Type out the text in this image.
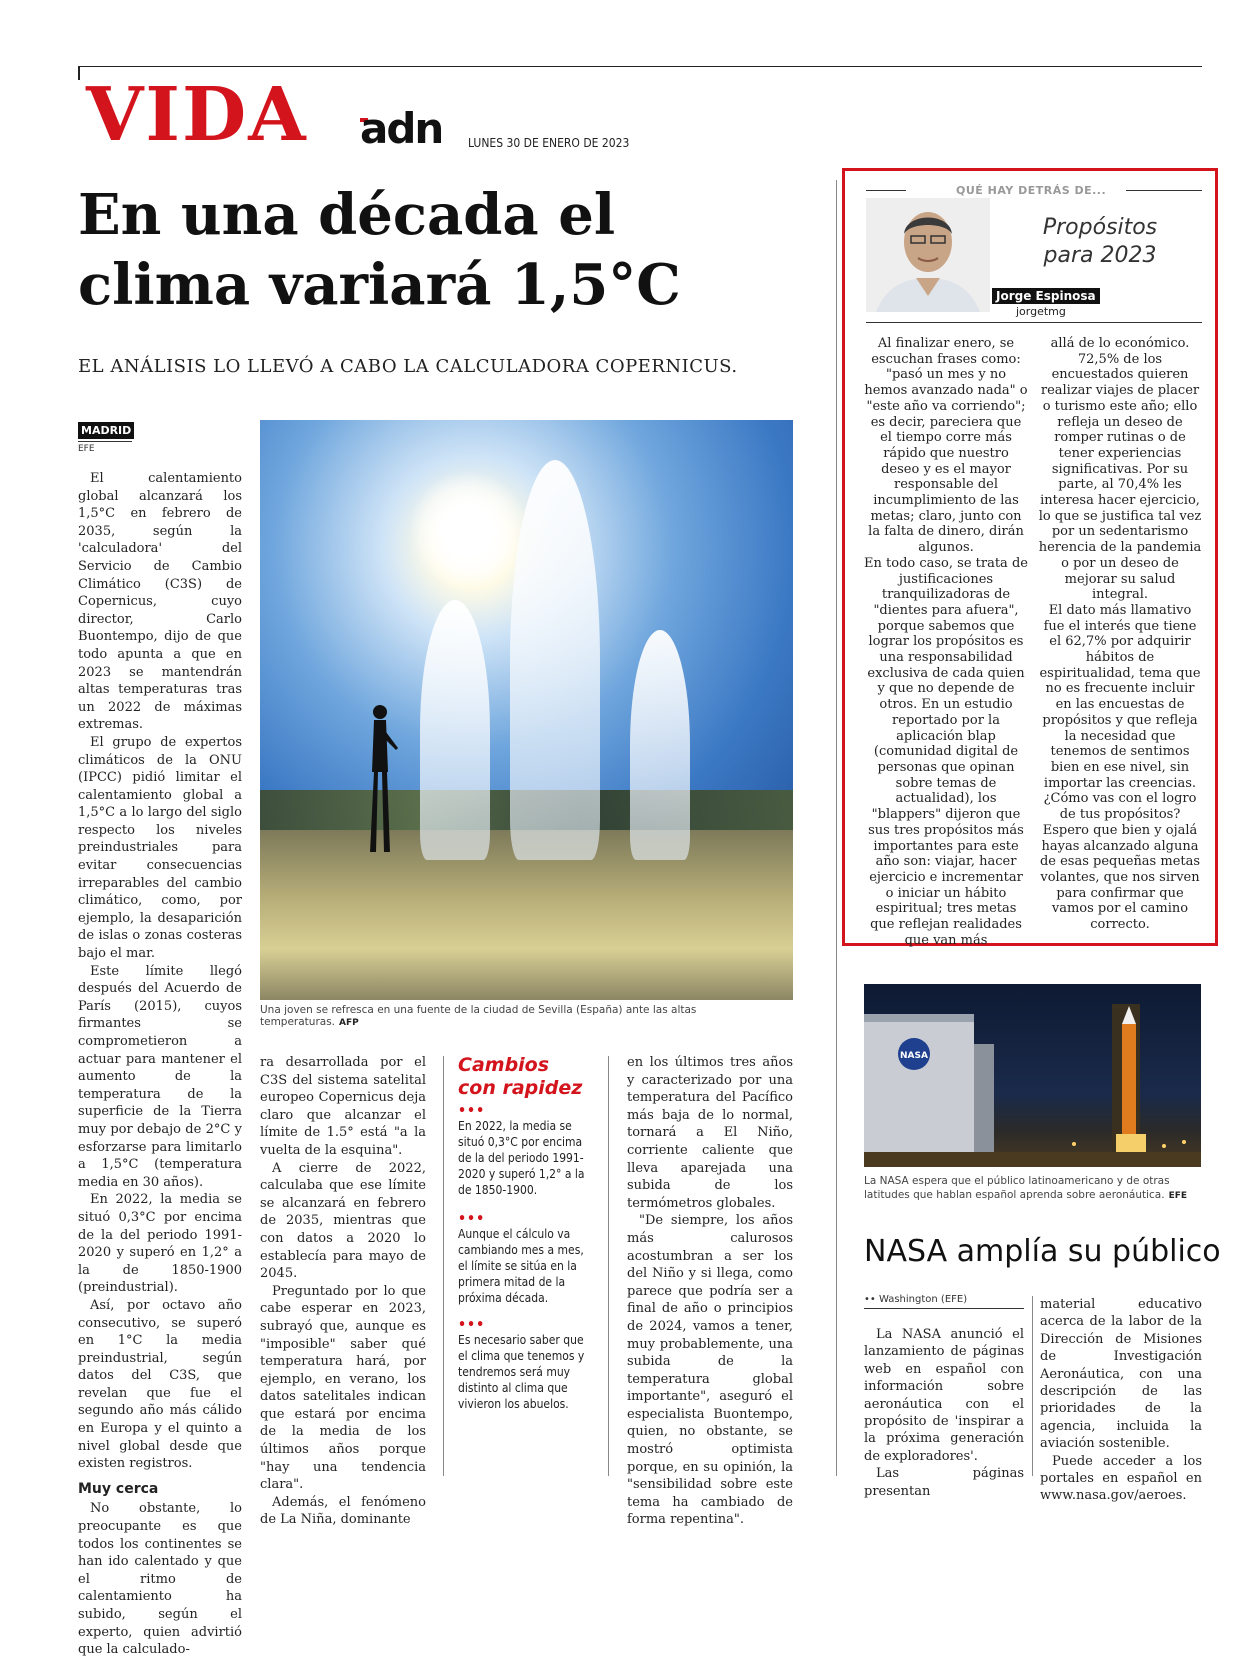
VIDA adn LUNES 30 DE ENERO DE 2023
En una década el
clima variará 1,5°C
EL ANÁLISIS LO LLEVÓ A CABO LA CALCULADORA COPERNICUS.
MADRID
EFE

El calentamiento global alcanzará los 1,5°C en febrero de 2035, según la 'calculadora' del Servicio de Cambio Climático (C3S) de Copernicus, cuyo director, Carlo Buontempo, dijo de que todo apunta a que en 2023 se mantendrán altas temperaturas tras un 2022 de máximas extremas.

El grupo de expertos climáticos de la ONU (IPCC) pidió limitar el calentamiento global a 1,5°C a lo largo del siglo respecto los niveles preindustriales para evitar consecuencias irreparables del cambio climático, como, por ejemplo, la desaparición de islas o zonas costeras bajo el mar.

Este límite llegó después del Acuerdo de París (2015), cuyos firmantes se comprometieron a actuar para mantener el aumento de la temperatura de la superficie de la Tierra muy por debajo de 2°C y esforzarse para limitarlo a 1,5°C (temperatura media en 30 años).

En 2022, la media se situó 0,3°C por encima de la del periodo 1991-2020 y superó en 1,2° a la de 1850-1900 (preindustrial).

Así, por octavo año consecutivo, se superó en 1°C la media preindustrial, según datos del C3S, que revelan que fue el segundo año más cálido en Europa y el quinto a nivel global desde que existen registros.

Muy cerca

No obstante, lo preocupante es que todos los continentes se han ido calentado y que el ritmo de calentamiento ha subido, según el experto, quien advirtió que la calculado-

Una joven se refresca en una fuente de la ciudad de Sevilla (España) ante las altas temperaturas. AFP

ra desarrollada por el C3S del sistema satelital europeo Copernicus deja claro que alcanzar el límite de 1.5° está "a la vuelta de la esquina".

A cierre de 2022, calculaba que ese límite se alcanzará en febrero de 2035, mientras que con datos a 2020 lo establecía para mayo de 2045.

Preguntado por lo que cabe esperar en 2023, subrayó que, aunque es "imposible" saber qué temperatura hará, por ejemplo, en verano, los datos satelitales indican que estará por encima de la media de los últimos años porque "hay una tendencia clara".

Además, el fenómeno de La Niña, dominante

Cambios
con rapidez
•••
En 2022, la media se situó 0,3°C por encima de la del periodo 1991-2020 y superó 1,2° a la de 1850-1900.
•••
Aunque el cálculo va cambiando mes a mes, el límite se sitúa en la primera mitad de la próxima década.
•••
Es necesario saber que el clima que tenemos y tendremos será muy distinto al clima que vivieron los abuelos.

en los últimos tres años y caracterizado por una temperatura del Pacífico más baja de lo normal, tornará a El Niño, corriente caliente que lleva aparejada una subida de los termómetros globales.

"De siempre, los años más calurosos acostumbran a ser los del Niño y si llega, como parece que podría ser a final de año o principios de 2024, vamos a tener, muy probablemente, una subida de la temperatura global importante", aseguró el especialista Buontempo, quien, no obstante, se mostró optimista porque, en su opinión, la "sensibilidad sobre este tema ha cambiado de forma repentina".

QUÉ HAY DETRÁS DE...
Propósitos
para 2023
Jorge Espinosa
jorgetmg

Al finalizar enero, se escuchan frases como: "pasó un mes y no hemos avanzado nada" o "este año va corriendo"; es decir, pareciera que el tiempo corre más rápido que nuestro deseo y es el mayor responsable del incumplimiento de las metas; claro, junto con la falta de dinero, dirán algunos.

En todo caso, se trata de justificaciones tranquilizadoras de "dientes para afuera", porque sabemos que lograr los propósitos es una responsabilidad exclusiva de cada quien y que no depende de otros. En un estudio reportado por la aplicación blap (comunidad digital de personas que opinan sobre temas de actualidad), los "blappers" dijeron que sus tres propósitos más importantes para este año son: viajar, hacer ejercicio e incrementar o iniciar un hábito espiritual; tres metas que reflejan realidades que van más

allá de lo económico.

72,5% de los encuestados quieren realizar viajes de placer o turismo este año; ello refleja un deseo de romper rutinas o de tener experiencias significativas. Por su parte, al 70,4% les interesa hacer ejercicio, lo que se justifica tal vez por un sedentarismo herencia de la pandemia o por un deseo de mejorar su salud integral.

El dato más llamativo fue el interés que tiene el 62,7% por adquirir hábitos de espiritualidad, tema que no es frecuente incluir en las encuestas de propósitos y que refleja la necesidad que tenemos de sentimos bien en ese nivel, sin importar las creencias.

¿Cómo vas con el logro de tus propósitos? Espero que bien y ojalá hayas alcanzado alguna de esas pequeñas metas volantes, que nos sirven para confirmar que vamos por el camino correcto.

NASA
La NASA espera que el público latinoamericano y de otras latitudes que hablan español aprenda sobre aeronáutica. EFE
NASA amplía su público
•• Washington (EFE)

La NASA anunció el lanzamiento de páginas web en español con información sobre aeronáutica con el propósito de 'inspirar a la próxima generación de exploradores'.

Las páginas presentan

material educativo acerca de la labor de la Dirección de Misiones de Investigación Aeronáutica, con una descripción de las prioridades de la agencia, incluida la aviación sostenible.

Puede acceder a los portales en español en www.nasa.gov/aeroes.
